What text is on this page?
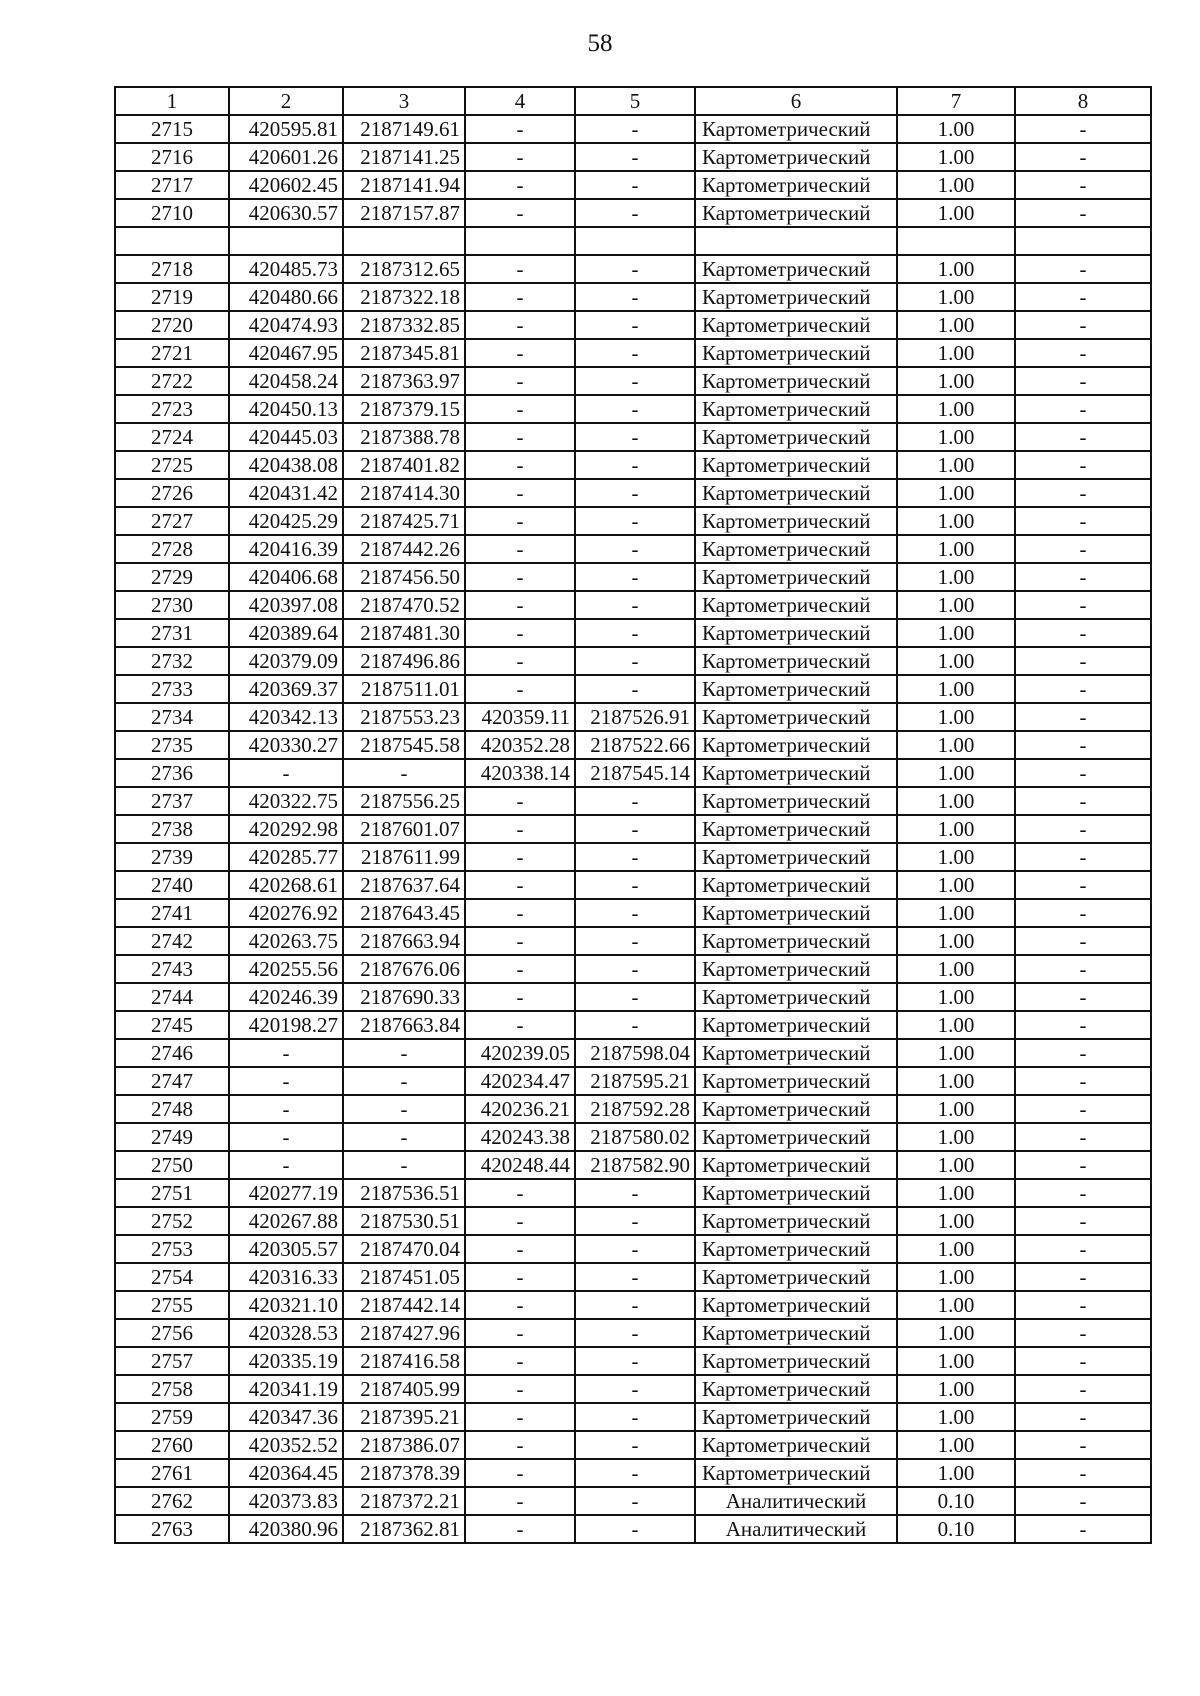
58
1	2	3	4	5	6	7	8
2715	420595.81	2187149.61	-	-	Картометрический	1.00	-
2716	420601.26	2187141.25	-	-	Картометрический	1.00	-
2717	420602.45	2187141.94	-	-	Картометрический	1.00	-
2710	420630.57	2187157.87	-	-	Картометрический	1.00	-

2718	420485.73	2187312.65	-	-	Картометрический	1.00	-
2719	420480.66	2187322.18	-	-	Картометрический	1.00	-
2720	420474.93	2187332.85	-	-	Картометрический	1.00	-
2721	420467.95	2187345.81	-	-	Картометрический	1.00	-
2722	420458.24	2187363.97	-	-	Картометрический	1.00	-
2723	420450.13	2187379.15	-	-	Картометрический	1.00	-
2724	420445.03	2187388.78	-	-	Картометрический	1.00	-
2725	420438.08	2187401.82	-	-	Картометрический	1.00	-
2726	420431.42	2187414.30	-	-	Картометрический	1.00	-
2727	420425.29	2187425.71	-	-	Картометрический	1.00	-
2728	420416.39	2187442.26	-	-	Картометрический	1.00	-
2729	420406.68	2187456.50	-	-	Картометрический	1.00	-
2730	420397.08	2187470.52	-	-	Картометрический	1.00	-
2731	420389.64	2187481.30	-	-	Картометрический	1.00	-
2732	420379.09	2187496.86	-	-	Картометрический	1.00	-
2733	420369.37	2187511.01	-	-	Картометрический	1.00	-
2734	420342.13	2187553.23	420359.11	2187526.91	Картометрический	1.00	-
2735	420330.27	2187545.58	420352.28	2187522.66	Картометрический	1.00	-
2736	-	-	420338.14	2187545.14	Картометрический	1.00	-
2737	420322.75	2187556.25	-	-	Картометрический	1.00	-
2738	420292.98	2187601.07	-	-	Картометрический	1.00	-
2739	420285.77	2187611.99	-	-	Картометрический	1.00	-
2740	420268.61	2187637.64	-	-	Картометрический	1.00	-
2741	420276.92	2187643.45	-	-	Картометрический	1.00	-
2742	420263.75	2187663.94	-	-	Картометрический	1.00	-
2743	420255.56	2187676.06	-	-	Картометрический	1.00	-
2744	420246.39	2187690.33	-	-	Картометрический	1.00	-
2745	420198.27	2187663.84	-	-	Картометрический	1.00	-
2746	-	-	420239.05	2187598.04	Картометрический	1.00	-
2747	-	-	420234.47	2187595.21	Картометрический	1.00	-
2748	-	-	420236.21	2187592.28	Картометрический	1.00	-
2749	-	-	420243.38	2187580.02	Картометрический	1.00	-
2750	-	-	420248.44	2187582.90	Картометрический	1.00	-
2751	420277.19	2187536.51	-	-	Картометрический	1.00	-
2752	420267.88	2187530.51	-	-	Картометрический	1.00	-
2753	420305.57	2187470.04	-	-	Картометрический	1.00	-
2754	420316.33	2187451.05	-	-	Картометрический	1.00	-
2755	420321.10	2187442.14	-	-	Картометрический	1.00	-
2756	420328.53	2187427.96	-	-	Картометрический	1.00	-
2757	420335.19	2187416.58	-	-	Картометрический	1.00	-
2758	420341.19	2187405.99	-	-	Картометрический	1.00	-
2759	420347.36	2187395.21	-	-	Картометрический	1.00	-
2760	420352.52	2187386.07	-	-	Картометрический	1.00	-
2761	420364.45	2187378.39	-	-	Картометрический	1.00	-
2762	420373.83	2187372.21	-	-	Аналитический	0.10	-
2763	420380.96	2187362.81	-	-	Аналитический	0.10	-
